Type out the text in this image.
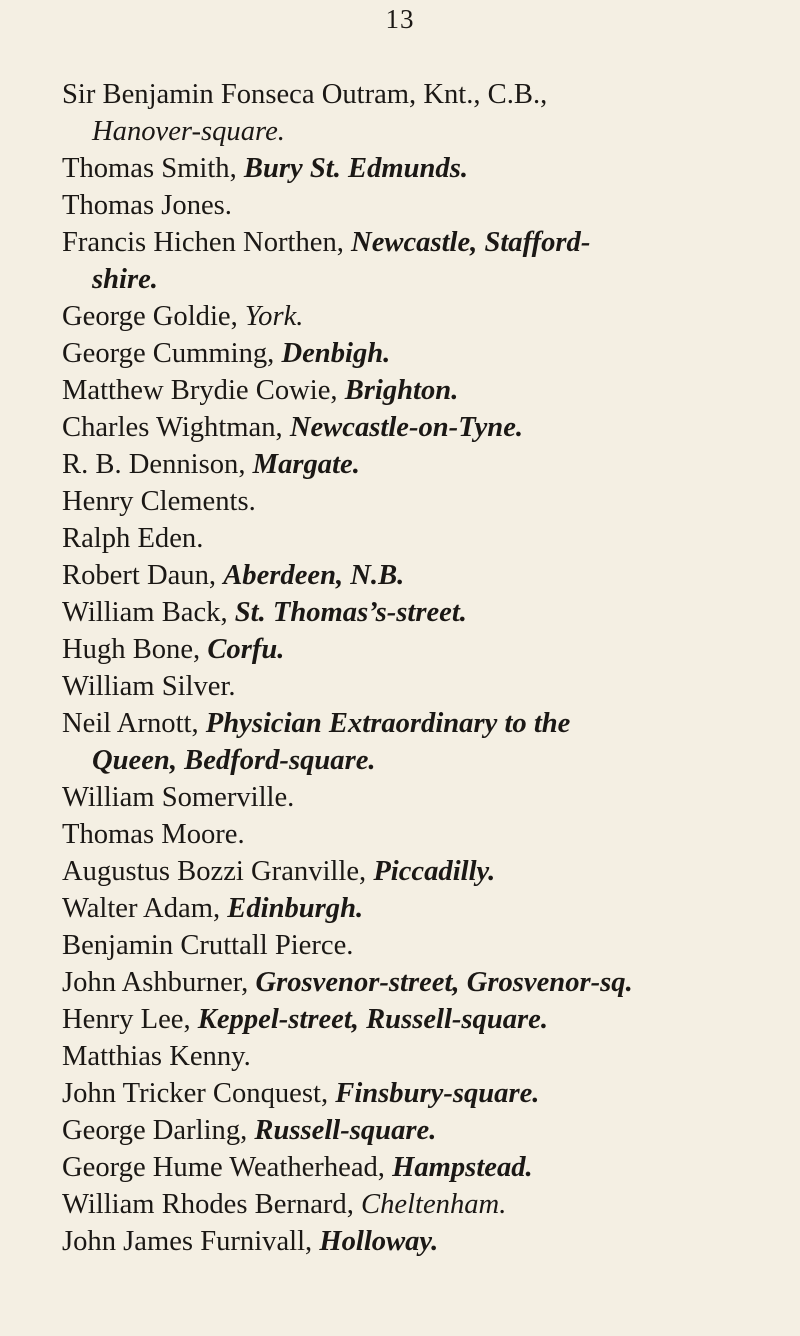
13
Sir Benjamin Fonseca Outram, Knt., C.B.,
Hanover-square.
Thomas Smith, Bury St. Edmunds.
Thomas Jones.
Francis Hichen Northen, Newcastle, Stafford-
shire.
George Goldie, York.
George Cumming, Denbigh.
Matthew Brydie Cowie, Brighton.
Charles Wightman, Newcastle-on-Tyne.
R. B. Dennison, Margate.
Henry Clements.
Ralph Eden.
Robert Daun, Aberdeen, N.B.
William Back, St. Thomas’s-street.
Hugh Bone, Corfu.
William Silver.
Neil Arnott, Physician Extraordinary to the
Queen, Bedford-square.
William Somerville.
Thomas Moore.
Augustus Bozzi Granville, Piccadilly.
Walter Adam, Edinburgh.
Benjamin Cruttall Pierce.
John Ashburner, Grosvenor-street, Grosvenor-sq.
Henry Lee, Keppel-street, Russell-square.
Matthias Kenny.
John Tricker Conquest, Finsbury-square.
George Darling, Russell-square.
George Hume Weatherhead, Hampstead.
William Rhodes Bernard, Cheltenham.
John James Furnivall, Holloway.
